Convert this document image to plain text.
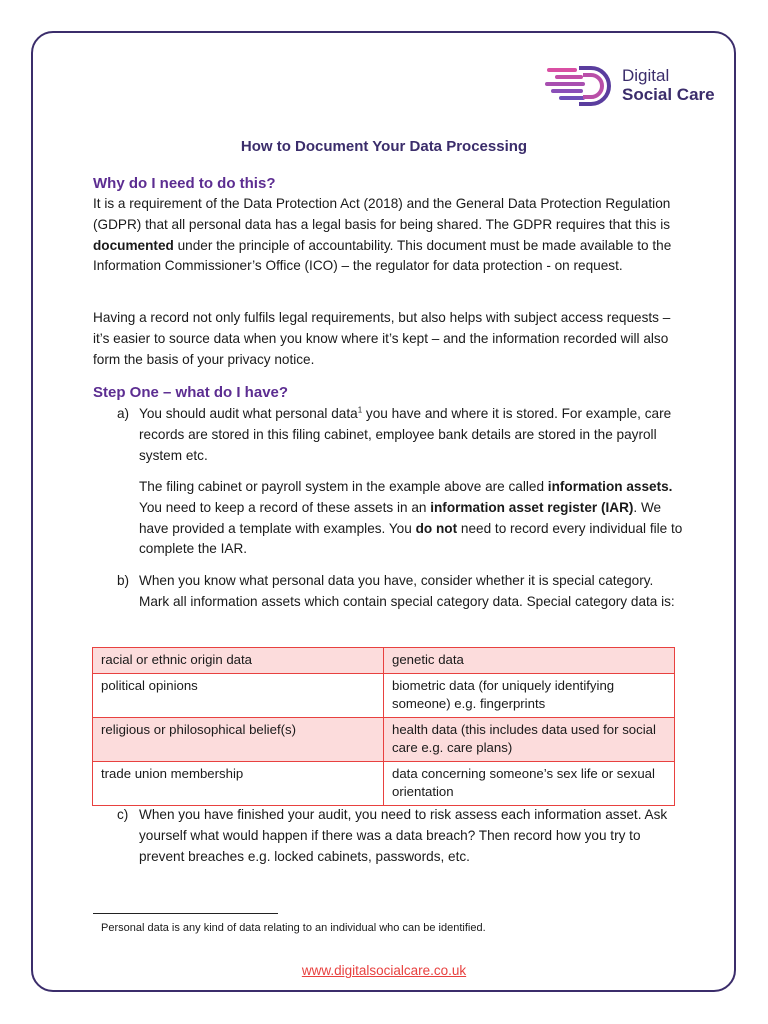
Digital
Social Care
How to Document Your Data Processing
Why do I need to do this?
It is a requirement of the Data Protection Act (2018) and the General Data Protection Regulation (GDPR) that all personal data has a legal basis for being shared. The GDPR requires that this is documented under the principle of accountability. This document must be made available to the Information Commissioner’s Office (ICO) – the regulator for data protection - on request.
Having a record not only fulfils legal requirements, but also helps with subject access requests – it’s easier to source data when you know where it’s kept – and the information recorded will also form the basis of your privacy notice.
Step One – what do I have?
a) You should audit what personal data$^1$ you have and where it is stored. For example, care records are stored in this filing cabinet, employee bank details are stored in the payroll system etc.
The filing cabinet or payroll system in the example above are called information assets. You need to keep a record of these assets in an information asset register (IAR). We have provided a template with examples. You do not need to record every individual file to complete the IAR.
b) When you know what personal data you have, consider whether it is special category. Mark all information assets which contain special category data. Special category data is:
racial or ethnic origin data	genetic data
political opinions	biometric data (for uniquely identifying someone) e.g. fingerprints
religious or philosophical belief(s)	health data (this includes data used for social care e.g. care plans)
trade union membership	data concerning someone’s sex life or sexual orientation
c) When you have finished your audit, you need to risk assess each information asset. Ask yourself what would happen if there was a data breach? Then record how you try to prevent breaches e.g. locked cabinets, passwords, etc.
Personal data is any kind of data relating to an individual who can be identified.
www.digitalsocialcare.co.uk
